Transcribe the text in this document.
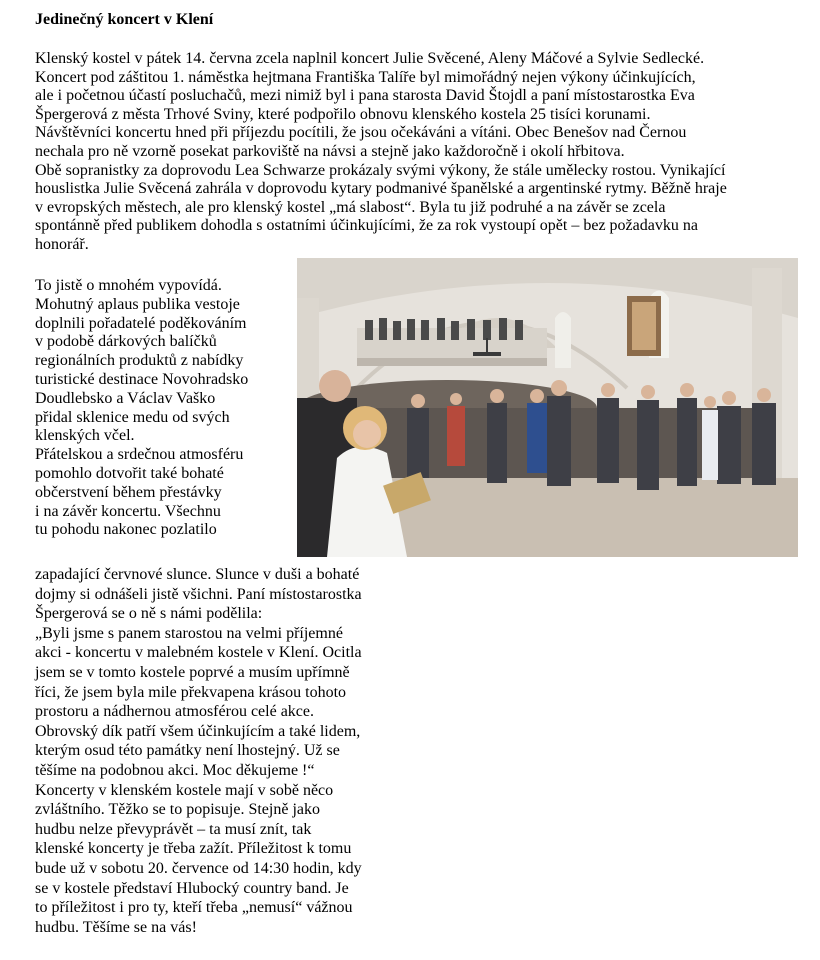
Jedinečný koncert v Klení
Klenský kostel v pátek 14. června zcela naplnil koncert Julie Svěcené, Aleny Máčové a Sylvie Sedlecké.
Koncert pod záštitou 1. náměstka hejtmana Františka Talíře byl mimořádný nejen výkony účinkujících,
ale i početnou účastí posluchačů, mezi nimiž byl i pana starosta David Štojdl a paní místostarostka Eva
Špergerová z města Trhové Sviny, které podpořilo obnovu klenského kostela 25 tisíci korunami.
Návštěvníci koncertu hned při příjezdu pocítili, že jsou očekáváni a vítáni. Obec Benešov nad Černou
nechala pro ně vzorně posekat parkoviště na návsi a stejně jako každoročně i okolí hřbitova.
Obě sopranistky za doprovodu Lea Schwarze prokázaly svými výkony, že stále umělecky rostou. Vynikající
houslistka Julie Svěcená zahrála v doprovodu kytary podmanivé španělské a argentinské rytmy. Běžně hraje
v evropských městech, ale pro klenský kostel „má slabost“. Byla tu již podruhé a na závěr se zcela
spontánně před publikem dohodla s ostatními účinkujícími, že za rok vystoupí opět – bez požadavku na
honorář.
To jistě o mnohém vypovídá.
Mohutný aplaus publika vestoje
doplnili pořadatelé poděkováním
v podobě dárkových balíčků
regionálních produktů z nabídky
turistické destinace Novohradsko
Doudlebsko a Václav Vaško
přidal sklenice medu od svých
klenských včel.
Přátelskou a srdečnou atmosféru
pomohlo dotvořit také bohaté
občerstvení během přestávky
i na závěr koncertu. Všechnu
tu pohodu nakonec pozlatilo
zapadající červnové slunce. Slunce v duši a bohaté
dojmy si odnášeli jistě všichni. Paní místostarostka
Špergerová se o ně s námi podělila:
„Byli jsme s panem starostou na velmi příjemné
akci - koncertu v malebném kostele v Klení. Ocitla
jsem se v tomto kostele poprvé a musím upřímně
říci, že jsem byla mile překvapena krásou tohoto
prostoru a nádhernou atmosférou celé akce.
Obrovský dík patří všem účinkujícím a také lidem,
kterým osud této památky není lhostejný. Už se
těšíme na podobnou akci. Moc děkujeme !“
Koncerty v klenském kostele mají v sobě něco
zvláštního. Těžko se to popisuje. Stejně jako
hudbu nelze převyprávět – ta musí znít, tak
klenské koncerty je třeba zažít. Příležitost k tomu
bude už v sobotu 20. července od 14:30 hodin, kdy
se v kostele představí Hlubocký country band. Je
to příležitost i pro ty, kteří třeba „nemusí“ vážnou
hudbu. Těšíme se na vás!
